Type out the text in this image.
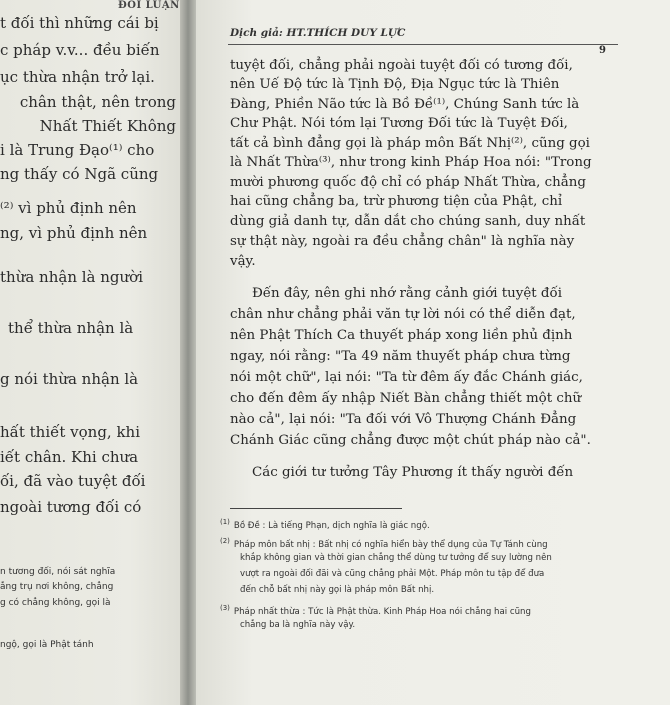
ĐỐI LUẬN
t đối thì những cái bị
c pháp v.v... đều biến
ục thừa nhận trở lại.
chân thật, nên trong
Nhất Thiết Không
i là Trung Đạo⁽¹⁾ cho
ng thấy có Ngã cũng
⁽²⁾ vì phủ định nên
ng, vì phủ định nên
thừa nhận là người
thể thừa nhận là
g nói thừa nhận là
hất thiết vọng, khi
iết chân. Khi chưa
ối, đã vào tuyệt đối
ngoài tương đối có
n tương đối, nói sát nghĩa
ẳng trụ nơi không, chẳng
g có chẳng không, gọi là
ngộ, gọi là Phật tánh
Dịch giả: HT.THÍCH DUY LỰC
9
tuyệt đối, chẳng phải ngoài tuyệt đối có tương đối,
nên Uế Độ tức là Tịnh Độ, Địa Ngục tức là Thiên
Đàng, Phiền Não tức là Bồ Đề⁽¹⁾, Chúng Sanh tức là
Chư Phật. Nói tóm lại Tương Đối tức là Tuyệt Đối,
tất cả bình đẳng gọi là pháp môn Bất Nhị⁽²⁾, cũng gọi
là Nhất Thừa⁽³⁾, như trong kinh Pháp Hoa nói: "Trong
mười phương quốc độ chỉ có pháp Nhất Thừa, chẳng
hai cũng chẳng ba, trừ phương tiện của Phật, chỉ
dùng giả danh tự, dẫn dắt cho chúng sanh, duy nhất
sự thật này, ngoài ra đều chẳng chân" là nghĩa này
vậy.
Đến đây, nên ghi nhớ rằng cảnh giới tuyệt đối
chân như chẳng phải văn tự lời nói có thể diễn đạt,
nên Phật Thích Ca thuyết pháp xong liền phủ định
ngay, nói rằng: "Ta 49 năm thuyết pháp chưa từng
nói một chữ", lại nói: "Ta từ đêm ấy đắc Chánh giác,
cho đến đêm ấy nhập Niết Bàn chẳng thiết một chữ
nào cả", lại nói: "Ta đối với Vô Thượng Chánh Đẳng
Chánh Giác cũng chẳng được một chút pháp nào cả".
Các giới tư tưởng Tây Phương ít thấy người đến
$^{(1)}$ Bồ Đề : Là tiếng Phạn, dịch nghĩa là giác ngộ.
$^{(2)}$ Pháp môn bất nhị : Bất nhị có nghĩa hiển bày thể dụng của Tự Tánh cùng
khắp không gian và thời gian chẳng thể dùng tư tưởng để suy lường nên
vượt ra ngoài đối đãi và cũng chẳng phải Một. Pháp môn tu tập để đưa
đến chỗ bất nhị này gọi là pháp môn Bất nhị.
$^{(3)}$ Pháp nhất thừa : Tức là Phật thừa. Kinh Pháp Hoa nói chẳng hai cũng
chẳng ba là nghĩa này vậy.
